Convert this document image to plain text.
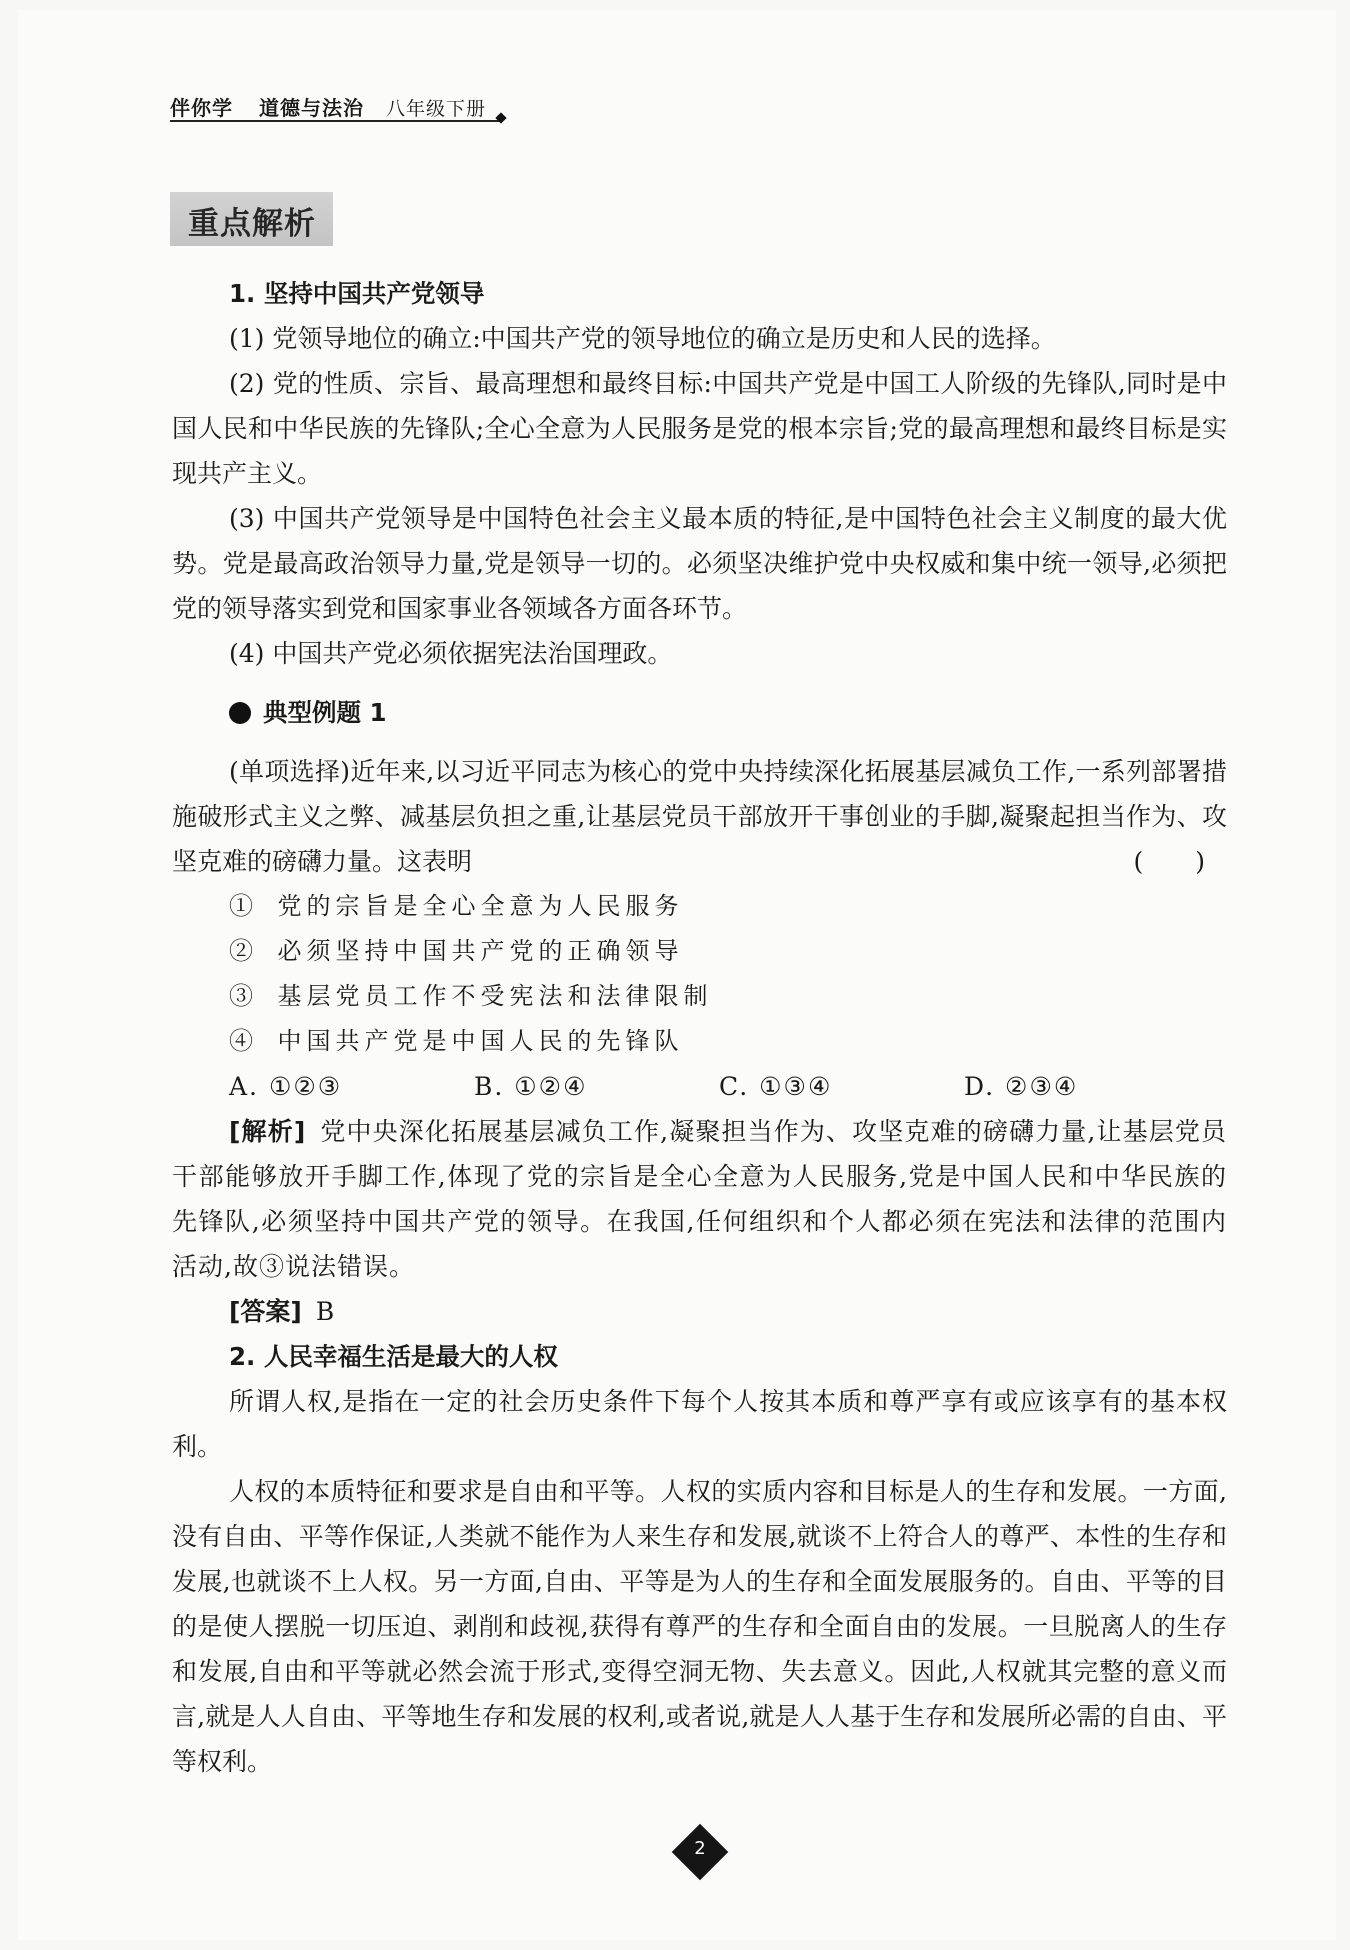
伴你学 道德与法治 八年级下册
重点解析

1. 坚持中国共产党领导

(1) 党领导地位的确立:中国共产党的领导地位的确立是历史和人民的选择。

(2) 党的性质、宗旨、最高理想和最终目标:中国共产党是中国工人阶级的先锋队,同时是中国人民和中华民族的先锋队;全心全意为人民服务是党的根本宗旨;党的最高理想和最终目标是实现共产主义。

(3) 中国共产党领导是中国特色社会主义最本质的特征,是中国特色社会主义制度的最大优势。党是最高政治领导力量,党是领导一切的。必须坚决维护党中央权威和集中统一领导,必须把党的领导落实到党和国家事业各领域各方面各环节。

(4) 中国共产党必须依据宪法治国理政。

典型例题 1

(单项选择)近年来,以习近平同志为核心的党中央持续深化拓展基层减负工作,一系列部署措施破形式主义之弊、减基层负担之重,让基层党员干部放开干事创业的手脚,凝聚起担当作为、攻坚克难的磅礴力量。这表明	( )

① 党的宗旨是全心全意为人民服务

② 必须坚持中国共产党的正确领导

③ 基层党员工作不受宪法和法律限制

④ 中国共产党是中国人民的先锋队

A. ①②③	B. ①②④	C. ①③④	D. ②③④

[解析] 党中央深化拓展基层减负工作,凝聚担当作为、攻坚克难的磅礴力量,让基层党员干部能够放开手脚工作,体现了党的宗旨是全心全意为人民服务,党是中国人民和中华民族的先锋队,必须坚持中国共产党的领导。在我国,任何组织和个人都必须在宪法和法律的范围内活动,故③说法错误。

[答案] B

2. 人民幸福生活是最大的人权

所谓人权,是指在一定的社会历史条件下每个人按其本质和尊严享有或应该享有的基本权利。

人权的本质特征和要求是自由和平等。人权的实质内容和目标是人的生存和发展。一方面,没有自由、平等作保证,人类就不能作为人来生存和发展,就谈不上符合人的尊严、本性的生存和发展,也就谈不上人权。另一方面,自由、平等是为人的生存和全面发展服务的。自由、平等的目的是使人摆脱一切压迫、剥削和歧视,获得有尊严的生存和全面自由的发展。一旦脱离人的生存和发展,自由和平等就必然会流于形式,变得空洞无物、失去意义。因此,人权就其完整的意义而言,就是人人自由、平等地生存和发展的权利,或者说,就是人人基于生存和发展所必需的自由、平等权利。

2
